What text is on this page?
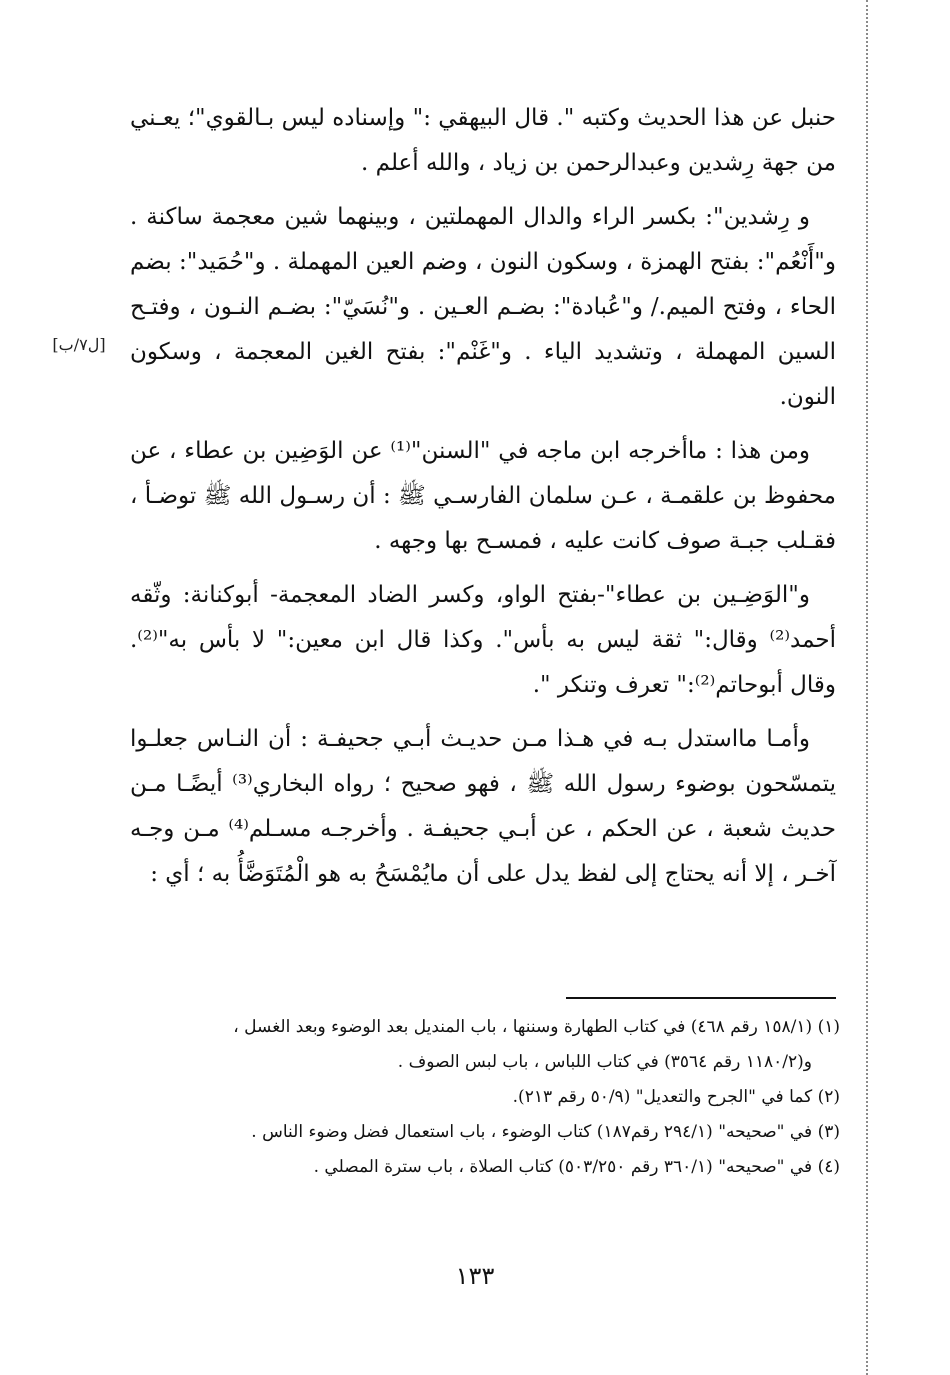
[ل٧/ب]

حنبل عن هذا الحديث وكتبه ". قال البيهقي :" وإسناده ليس بـالقوي"؛ يعـني من جهة رِشدين وعبدالرحمن بن زياد ، والله أعلم .

و رِشدين": بكسر الراء والدال المهملتين ، وبينهما شين معجمة ساكنة . و"أَنْعُم": بفتح الهمزة ، وسكون النون ، وضم العين المهملة . و"حُمَيد": بضم الحاء ، وفتح الميم./ و"عُبادة": بضـم العـين . و"نُسَيّ": بضـم النـون ، وفتـح السين المهملة ، وتشديد الياء . و"غَنْم": بفتح الغين المعجمة ، وسكون النون.

ومن هذا : ماأخرجه ابن ماجه في "السنن"⁽¹⁾ عن الوَضِين بن عطاء ، عن محفوظ بن علقمـة ، عـن سلمان الفارسـي ﷺ : أن رسـول الله ﷺ توضـأ ، فقـلب جبـة صوف كانت عليه ، فمسـح بها وجهه .

و"الوَضِـين بن عطاء"-بفتح الواو، وكسر الضاد المعجمة- أبوكنانة: وثّقه أحمد⁽²⁾ وقال:" ثقة ليس به بأس". وكذا قال ابن معين:" لا بأس به"⁽²⁾. وقال أبوحاتم⁽²⁾:" تعرف وتنكر ".

وأمـا مااستدل بـه في هـذا مـن حديـث أبـي جحيفـة : أن النـاس جعلـوا يتمسّحون بوضوء رسول الله ﷺ ، فهو صحيح ؛ رواه البخاري⁽³⁾ أيضًـا مـن حديث شعبة ، عن الحكم ، عن أبـي جحيفـة . وأخرجـه مسـلم⁽⁴⁾ مـن وجـه آخـر ، إلا أنه يحتاج إلى لفظ يدل على أن مايُمْسَحُ به هو الْمُتَوَضَّأُ به ؛ أي :

(١) (١٥٨/١ رقم ٤٦٨) في كتاب الطهارة وسننها ، باب المنديل بعد الوضوء وبعد الغسل ،

و(١١٨٠/٢ رقم ٣٥٦٤) في كتاب اللباس ، باب لبس الصوف .

(٢) كما في "الجرح والتعديل" (٥٠/٩ رقم ٢١٣).

(٣) في "صحيحه" (٢٩٤/١ رقم١٨٧) كتاب الوضوء ، باب استعمال فضل وضوء الناس .

(٤) في "صحيحه" (٣٦٠/١ رقم ٥٠٣/٢٥٠) كتاب الصلاة ، باب سترة المصلي .

١٣٣
